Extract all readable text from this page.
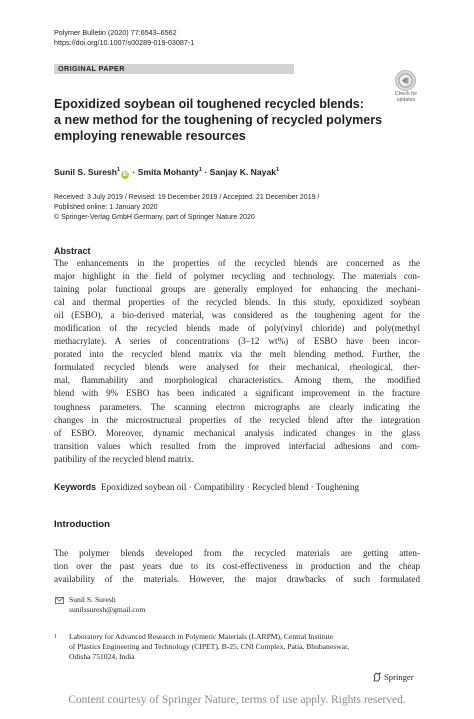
Polymer Bulletin (2020) 77:6543–6562
https://doi.org/10.1007/s00289-019-03087-1
ORIGINAL PAPER
Check for
updates
Epoxidized soybean oil toughened recycled blends:
a new method for the toughening of recycled polymers
employing renewable resources
Sunil S. Suresh$^1$iD · Smita Mohanty$^1$ · Sanjay K. Nayak$^1$
Received: 3 July 2019 / Revised: 19 December 2019 / Accepted: 21 December 2019 /
Published online: 1 January 2020
© Springer-Verlag GmbH Germany, part of Springer Nature 2020
Abstract
The enhancements in the properties of the recycled blends are concerned as the
major highlight in the field of polymer recycling and technology. The materials con-
taining polar functional groups are generally employed for enhancing the mechani-
cal and thermal properties of the recycled blends. In this study, epoxidized soybean
oil (ESBO), a bio-derived material, was considered as the toughening agent for the
modification of the recycled blends made of poly(vinyl chloride) and poly(methyl
methacrylate). A series of concentrations (3–12 wt%) of ESBO have been incor-
porated into the recycled blend matrix via the melt blending method. Further, the
formulated recycled blends were analysed for their mechanical, rheological, ther-
mal, flammability and morphological characteristics. Among them, the modified
blend with 9% ESBO has been indicated a significant improvement in the fracture
toughness parameters. The scanning electron micrographs are clearly indicating the
changes in the microstructural properties of the recycled blend after the integration
of ESBO. Moreover, dynamic mechanical analysis indicated changes in the glass
transition values which resulted from the improved interfacial adhesions and com-
patibility of the recycled blend matrix.
Keywords Epoxidized soybean oil · Compatibility · Recycled blend · Toughening
Introduction
The polymer blends developed from the recycled materials are getting atten-
tion over the past years due to its cost-effectiveness in production and the cheap
availability of the materials. However, the major drawbacks of such formulated
Sunil S. Suresh
sunilssuresh@gmail.com
1	Laboratory for Advanced Research in Polymeric Materials (LARPM), Central Institute
of Plastics Engineering and Technology (CIPET), B-25, CNI Complex, Patia, Bhubaneswar,
Odisha 751024, India
Springer
Content courtesy of Springer Nature, terms of use apply. Rights reserved.
